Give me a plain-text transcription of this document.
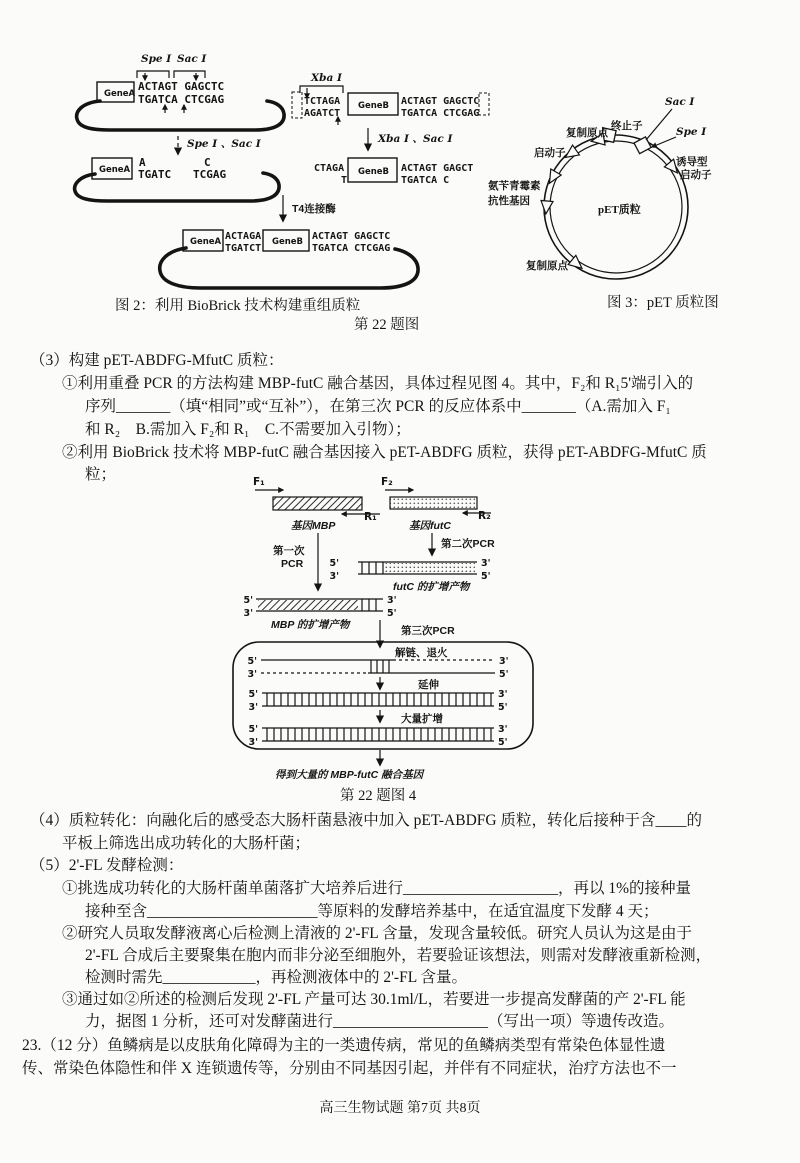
Spe I Sac I
GeneA
ACTAGT GAGCTC
TGATCA CTCGAG
Spe I 、Sac I
GeneA
A	C
TGATC TCGAG
Xba I
TCTAGA
AGATCT
GeneB ACTAGT GAGCTC
TGATCA CTCGAG
Xba I 、Sac I
CTAGA
T
GeneB ACTAGT GAGCT
TGATCA C
T4连接酶
GeneA ACTAGA
TGATCT
GeneB ACTAGT GAGCTC
TGATCA CTCGAG
Sac I
Spe I
复制原点
终止子
启动子
诱导型
启动子
氨苄青霉素
抗性基因
pET质粒
复制原点
图 2：利用 BioBrick 技术构建重组质粒	图 3：pET 质粒图
第 22 题图
（3）构建 pET-ABDFG-MfutC 质粒：
①利用重叠 PCR 的方法构建 MBP-futC 融合基因，具体过程见图 4。其中，F₂和 R₁5'端引入的
序列_______（填“相同”或“互补”），在第三次 PCR 的反应体系中_______（A.需加入 F₁
和 R₂　B.需加入 F₂和 R₁　C.不需要加入引物）；
②利用 BioBrick 技术将 MBP-futC 融合基因接入 pET-ABDFG 质粒，获得 pET-ABDFG-MfutC 质
粒；	F₁
R₁
基因MBP
F₂
R₂
基因futC
第一次
PCR
第二次PCR
5'
3'
3'
5'
futC 的扩增产物
5'
3'
3'
5'
MBP 的扩增产物	第三次PCR
解链、退火
5'	3'
3'	5'
延伸
5'
3'
3'
5'
大量扩增
5'
3'
3'
5'
得到大量的 MBP-futC 融合基因
第 22 题图 4
（4）质粒转化：向融化后的感受态大肠杆菌悬液中加入 pET-ABDFG 质粒，转化后接种于含____的
平板上筛选出成功转化的大肠杆菌；
（5）2'-FL 发酵检测：
①挑选成功转化的大肠杆菌单菌落扩大培养后进行____________________，再以 1%的接种量
接种至含______________________等原料的发酵培养基中，在适宜温度下发酵 4 天；
②研究人员取发酵液离心后检测上清液的 2'-FL 含量，发现含量较低。研究人员认为这是由于
2'-FL 合成后主要聚集在胞内而非分泌至细胞外，若要验证该想法，则需对发酵液重新检测，
检测时需先____________，再检测液体中的 2'-FL 含量。
③通过如②所述的检测后发现 2'-FL 产量可达 30.1ml/L，若要进一步提高发酵菌的产 2'-FL 能
力，据图 1 分析，还可对发酵菌进行____________________（写出一项）等遗传改造。
23.（12 分）鱼鳞病是以皮肤角化障碍为主的一类遗传病，常见的鱼鳞病类型有常染色体显性遗
传、常染色体隐性和伴 X 连锁遗传等，分别由不同基因引起，并伴有不同症状，治疗方法也不一
高三生物试题 第7页 共8页
